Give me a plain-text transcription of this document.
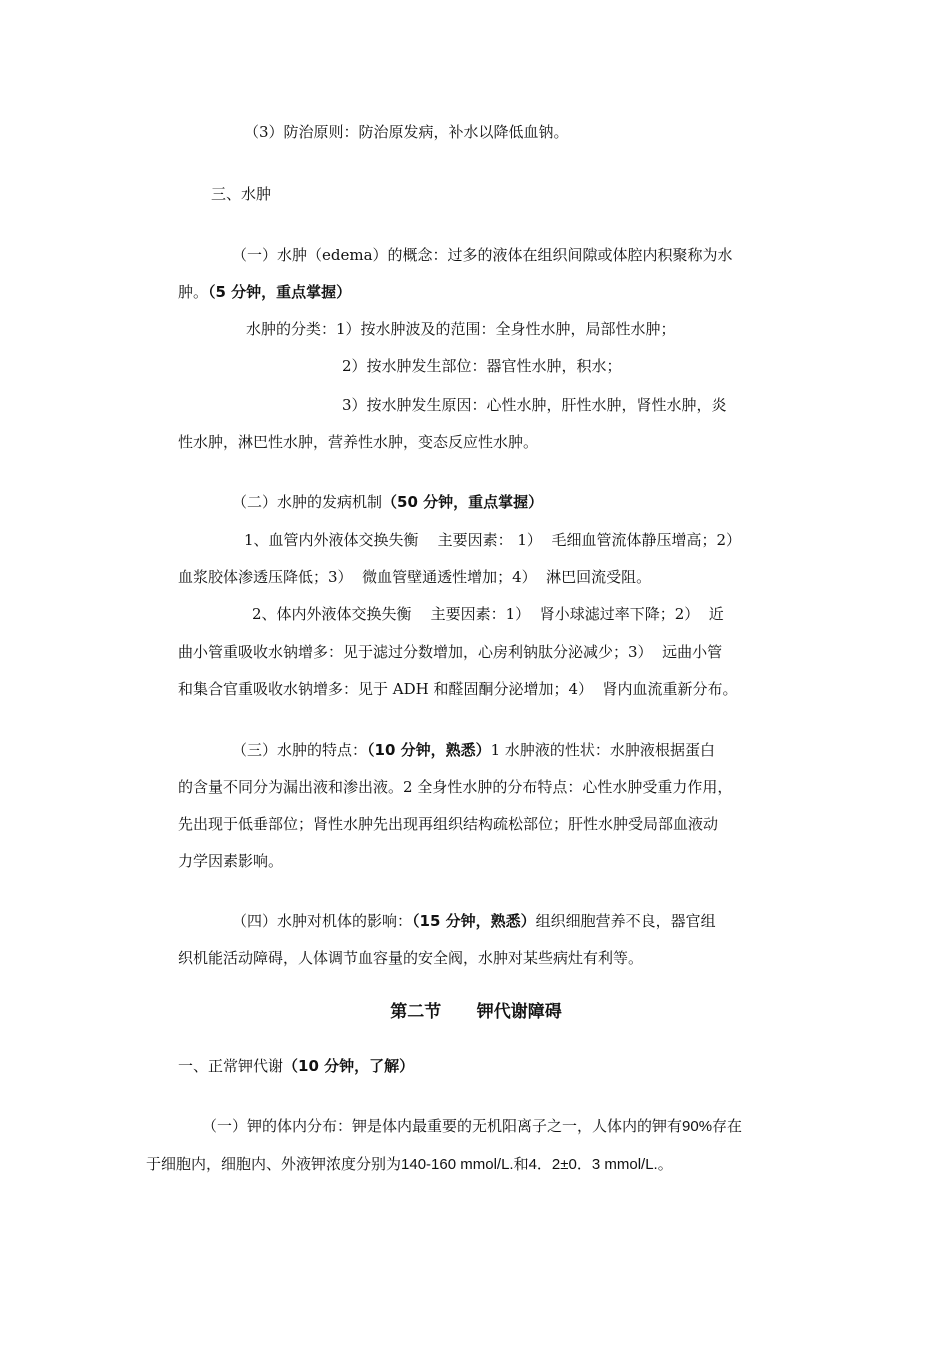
（3）防治原则：防治原发病，补水以降低血钠。
三、水肿
（一）水肿（edema）的概念：过多的液体在组织间隙或体腔内积聚称为水
肿。（5 分钟，重点掌握）
水肿的分类：1）按水肿波及的范围：全身性水肿，局部性水肿；
2）按水肿发生部位：器官性水肿，积水；
3）按水肿发生原因：心性水肿，肝性水肿，肾性水肿，炎
性水肿，淋巴性水肿，营养性水肿，变态反应性水肿。
（二）水肿的发病机制（50 分钟，重点掌握）
1、血管内外液体交换失衡    主要因素： 1）  毛细血管流体静压增高；2）
血浆胶体渗透压降低；3）  微血管壁通透性增加；4）  淋巴回流受阻。
2、体内外液体交换失衡    主要因素：1）  肾小球滤过率下降；2）  近
曲小管重吸收水钠增多：见于滤过分数增加，心房利钠肽分泌减少；3）  远曲小管
和集合官重吸收水钠增多：见于 ADH 和醛固酮分泌增加；4）  肾内血流重新分布。
（三）水肿的特点：（10 分钟，熟悉）1 水肿液的性状：水肿液根据蛋白
的含量不同分为漏出液和渗出液。2 全身性水肿的分布特点：心性水肿受重力作用，
先出现于低垂部位；肾性水肿先出现再组织结构疏松部位；肝性水肿受局部血液动
力学因素影响。
（四）水肿对机体的影响：（15 分钟，熟悉）组织细胞营养不良，器官组
织机能活动障碍，人体调节血容量的安全阀，水肿对某些病灶有利等。
第二节      钾代谢障碍
一、正常钾代谢（10 分钟，了解）
（一）钾的体内分布：钾是体内最重要的无机阳离子之一，人体内的钾有90%存在
于细胞内，细胞内、外液钾浓度分别为140-160 mmol/L.和4．2±0．3 mmol/L.。
